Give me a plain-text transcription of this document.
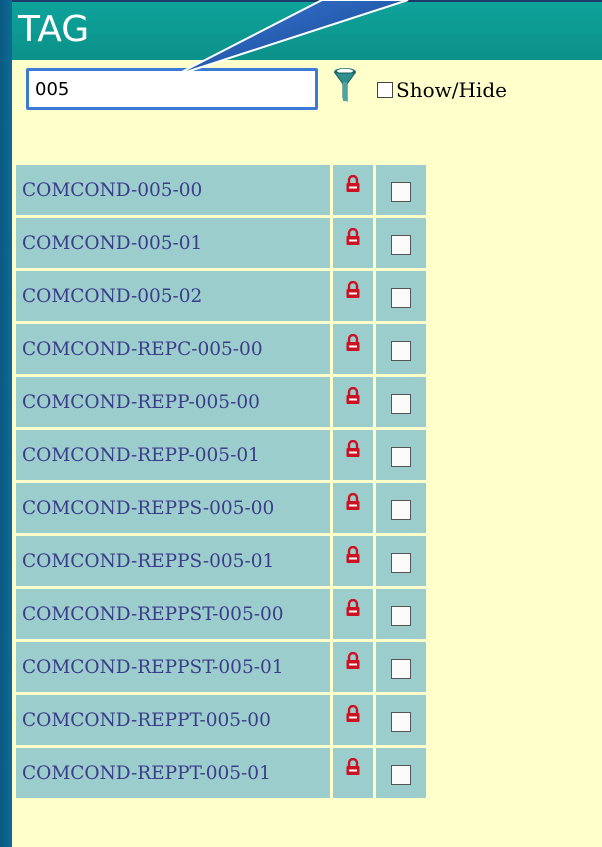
TAG
005
Show/Hide
COMCOND-005-00
COMCOND-005-01
COMCOND-005-02
COMCOND-REPC-005-00
COMCOND-REPP-005-00
COMCOND-REPP-005-01
COMCOND-REPPS-005-00
COMCOND-REPPS-005-01
COMCOND-REPPST-005-00
COMCOND-REPPST-005-01
COMCOND-REPPT-005-00
COMCOND-REPPT-005-01
